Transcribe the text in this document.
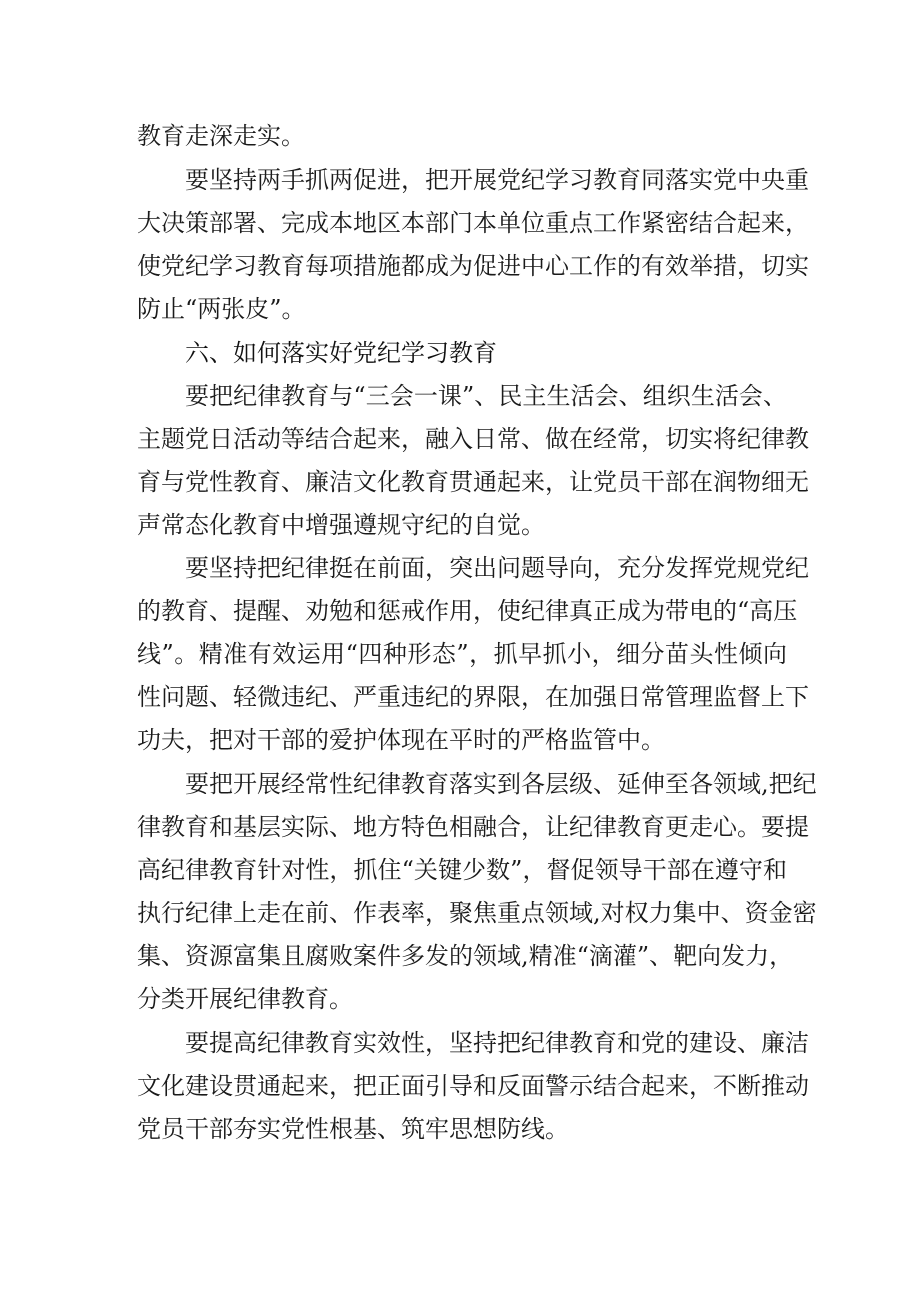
教育走深走实。

要坚持两手抓两促进，把开展党纪学习教育同落实党中央重

大决策部署、完成本地区本部门本单位重点工作紧密结合起来，

使党纪学习教育每项措施都成为促进中心工作的有效举措，切实

防止“两张皮”。

六、如何落实好党纪学习教育

要把纪律教育与“三会一课”、民主生活会、组织生活会、

主题党日活动等结合起来，融入日常、做在经常，切实将纪律教

育与党性教育、廉洁文化教育贯通起来，让党员干部在润物细无

声常态化教育中增强遵规守纪的自觉。

要坚持把纪律挺在前面，突出问题导向，充分发挥党规党纪

的教育、提醒、劝勉和惩戒作用，使纪律真正成为带电的“高压

线”。精准有效运用“四种形态”，抓早抓小，细分苗头性倾向

性问题、轻微违纪、严重违纪的界限，在加强日常管理监督上下

功夫，把对干部的爱护体现在平时的严格监管中。

要把开展经常性纪律教育落实到各层级、延伸至各领域,把纪

律教育和基层实际、地方特色相融合，让纪律教育更走心。要提

高纪律教育针对性，抓住“关键少数”，督促领导干部在遵守和

执行纪律上走在前、作表率，聚焦重点领域,对权力集中、资金密

集、资源富集且腐败案件多发的领域,精准“滴灌”、靶向发力，

分类开展纪律教育。

要提高纪律教育实效性，坚持把纪律教育和党的建设、廉洁

文化建设贯通起来，把正面引导和反面警示结合起来，不断推动

党员干部夯实党性根基、筑牢思想防线。
